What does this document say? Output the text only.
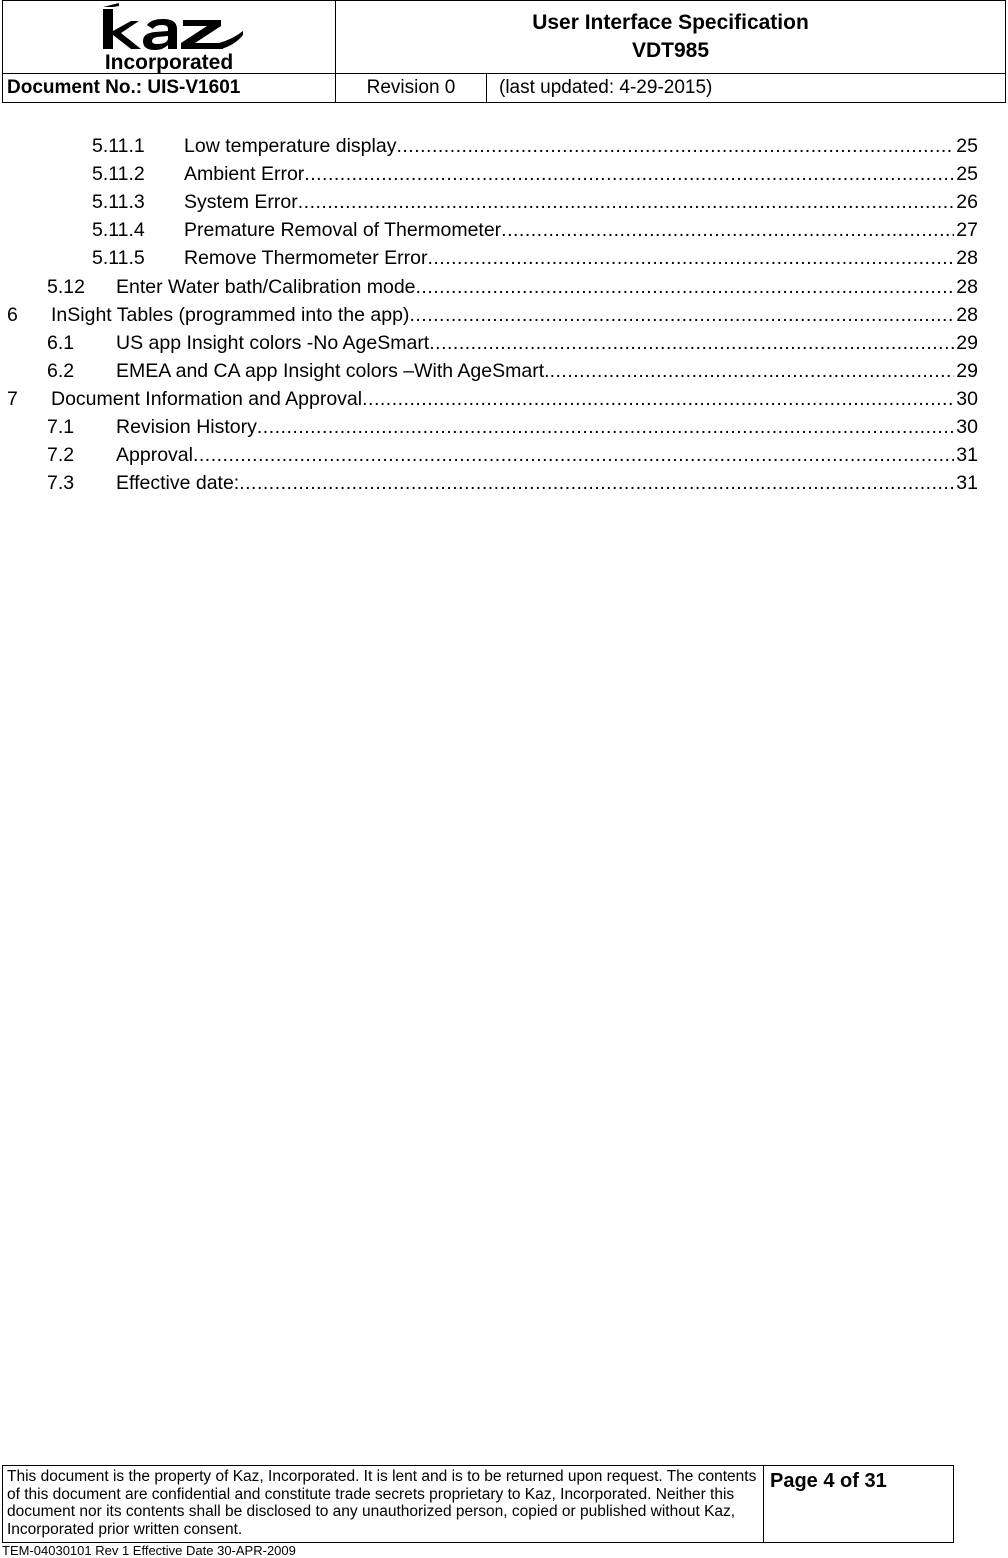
Incorporated	User Interface Specification
VDT985	

Document No.: UIS-V1601	Revision 0	(last updated: 4-29-2015)
5.11.1	Low temperature display .....	25
5.11.2	Ambient Error .....	25
5.11.3	System Error .....	26
5.11.4	Premature Removal of Thermometer .....	27
5.11.5	Remove Thermometer Error .....	28
5.12	Enter Water bath/Calibration mode .....	28
6	InSight Tables (programmed into the app) .....	28
6.1	US app Insight colors -No AgeSmart .....	29
6.2	EMEA and CA app Insight colors –With AgeSmart. .....	29
7	Document Information and Approval .....	30
7.1	Revision History .....	30
7.2	Approval .....	31
7.3	Effective date: .....	31
This document is the property of Kaz, Incorporated. It is lent and is to be returned upon request. The contents of this document are confidential and constitute trade secrets proprietary to Kaz, Incorporated. Neither this document nor its contents shall be disclosed to any unauthorized person, copied or published without Kaz, Incorporated prior written consent.	Page 4 of 31
TEM-04030101 Rev 1 Effective Date 30-APR-2009
